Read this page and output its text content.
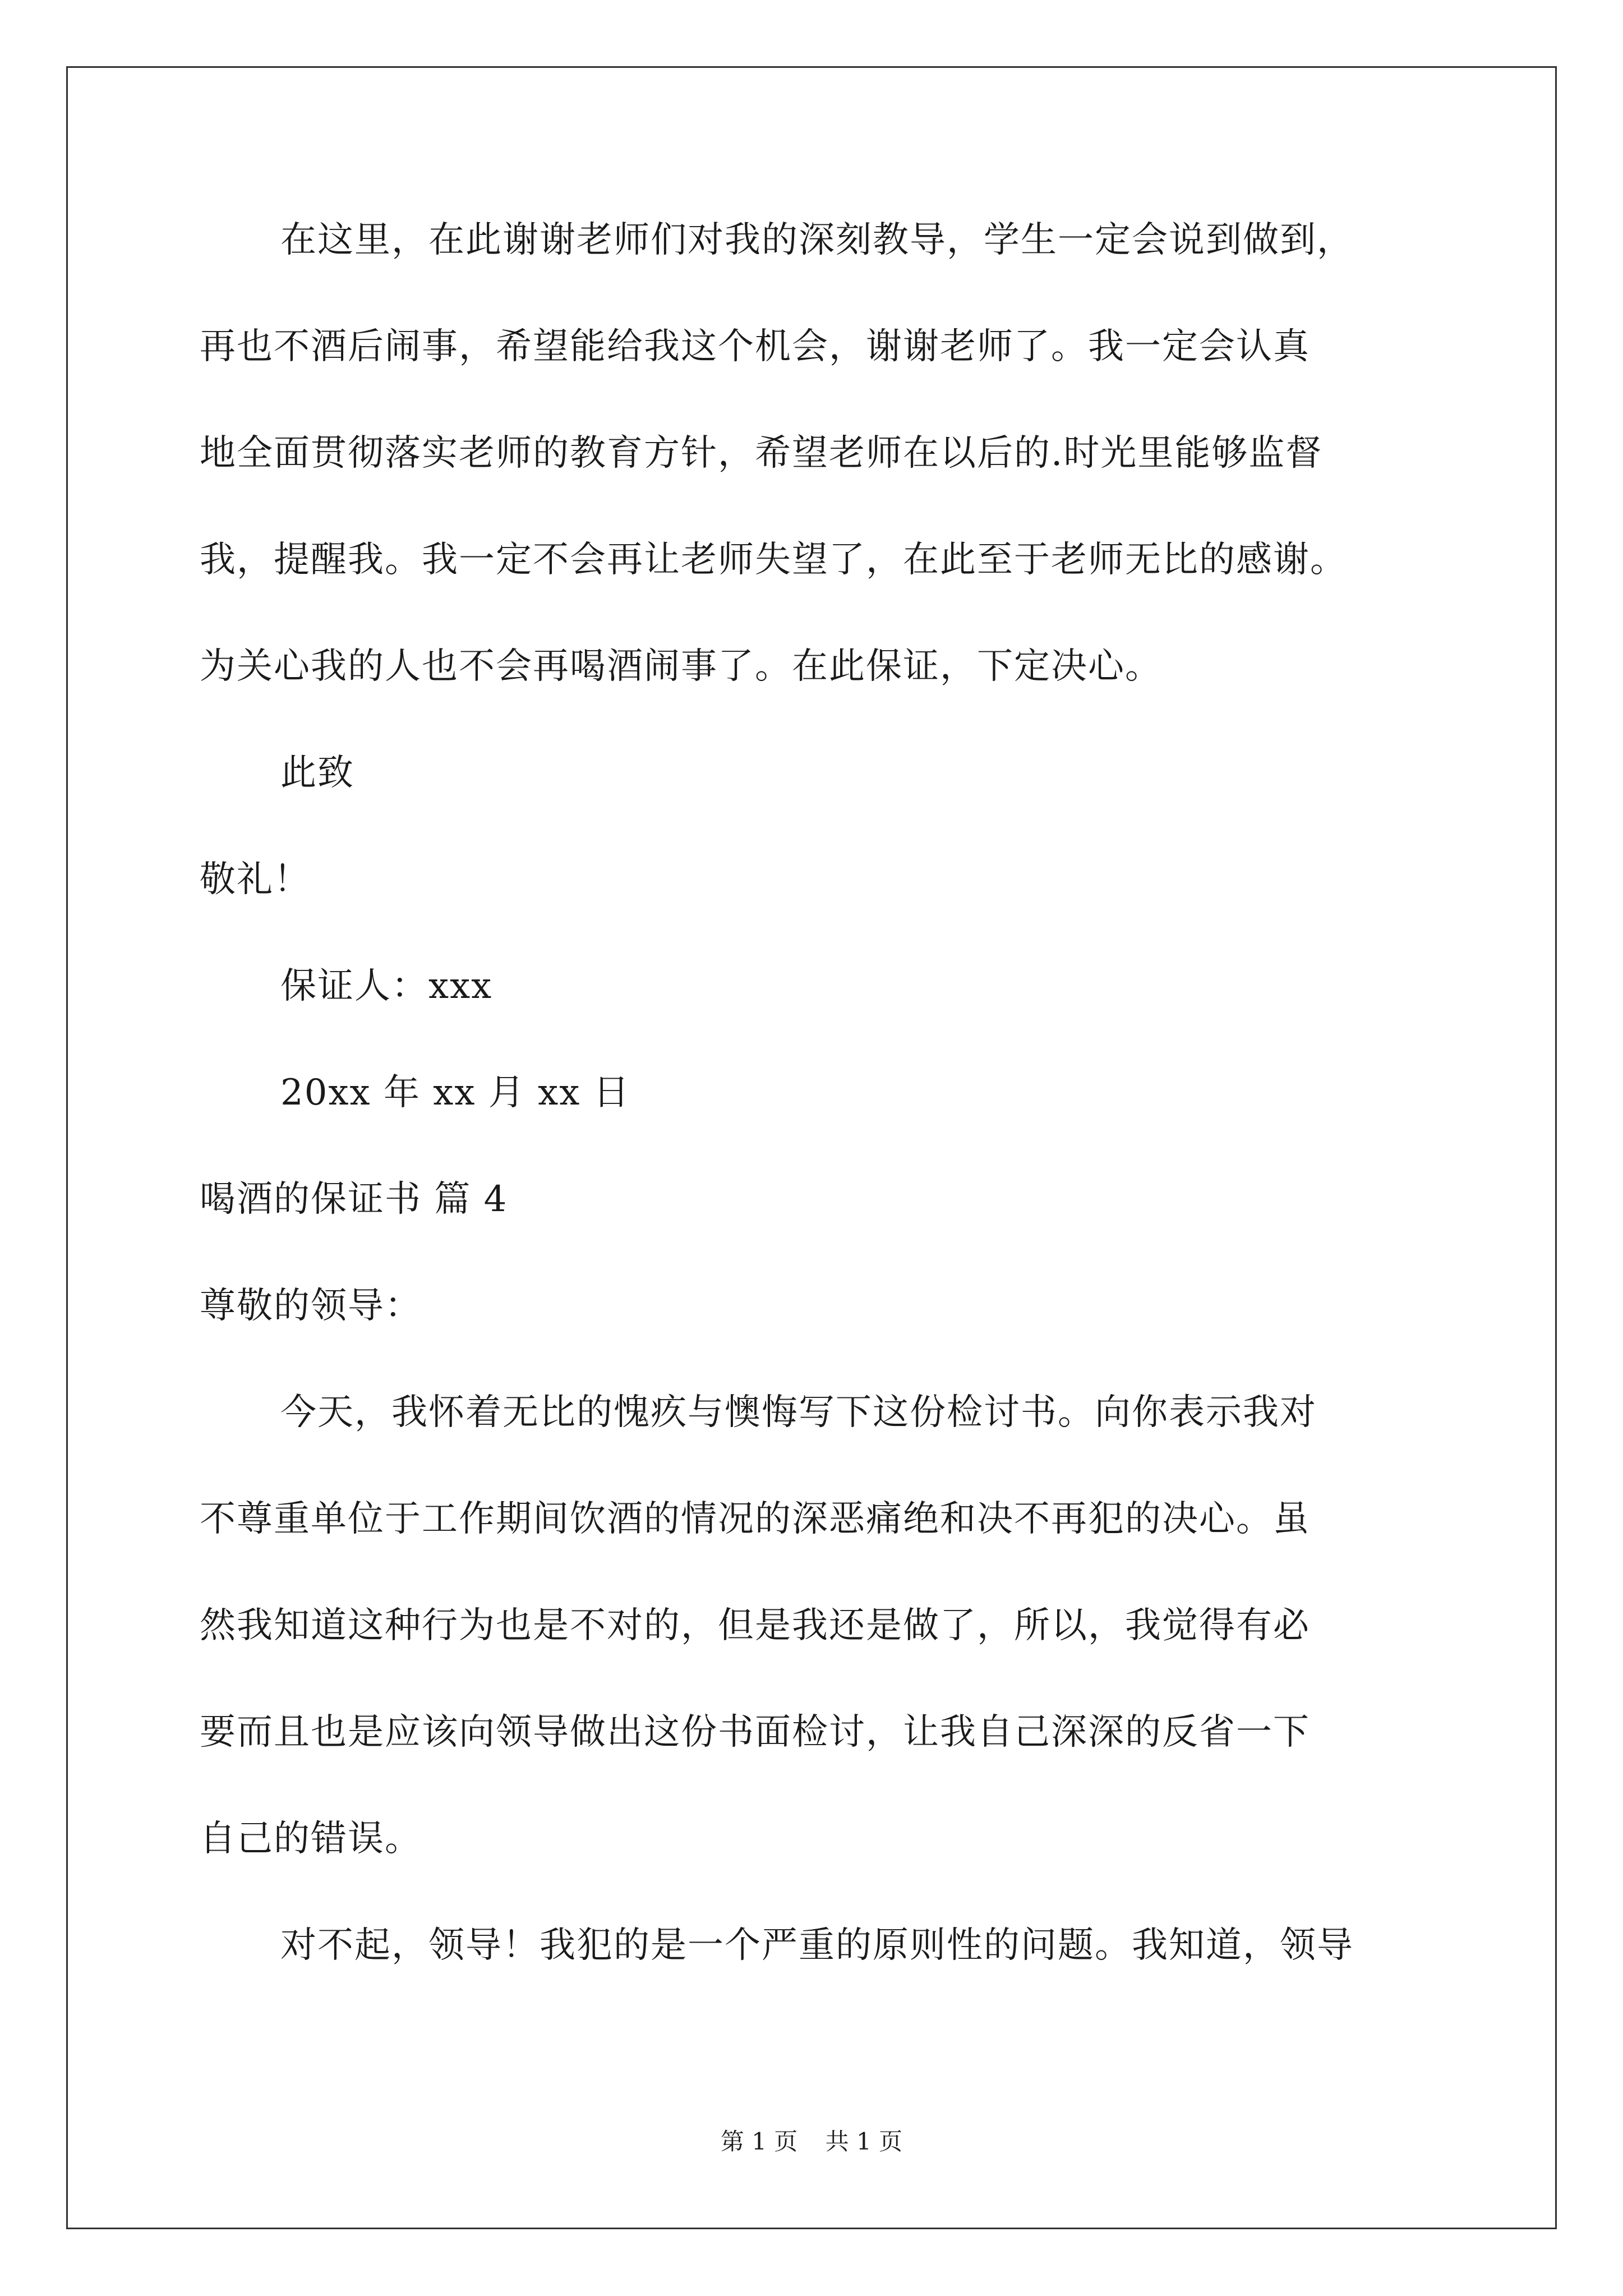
在这里，在此谢谢老师们对我的深刻教导，学生一定会说到做到，
再也不酒后闹事，希望能给我这个机会，谢谢老师了。我一定会认真
地全面贯彻落实老师的教育方针，希望老师在以后的.时光里能够监督
我，提醒我。我一定不会再让老师失望了，在此至于老师无比的感谢。
为关心我的人也不会再喝酒闹事了。在此保证，下定决心。
此致
敬礼！
保证人：xxx
20xx 年 xx 月 xx 日
喝酒的保证书 篇 4
尊敬的领导：
今天，我怀着无比的愧疚与懊悔写下这份检讨书。向你表示我对
不尊重单位于工作期间饮酒的情况的深恶痛绝和决不再犯的决心。虽
然我知道这种行为也是不对的，但是我还是做了，所以，我觉得有必
要而且也是应该向领导做出这份书面检讨，让我自己深深的反省一下
自己的错误。
对不起，领导！我犯的是一个严重的原则性的问题。我知道，领导
第 1 页 共 1 页
